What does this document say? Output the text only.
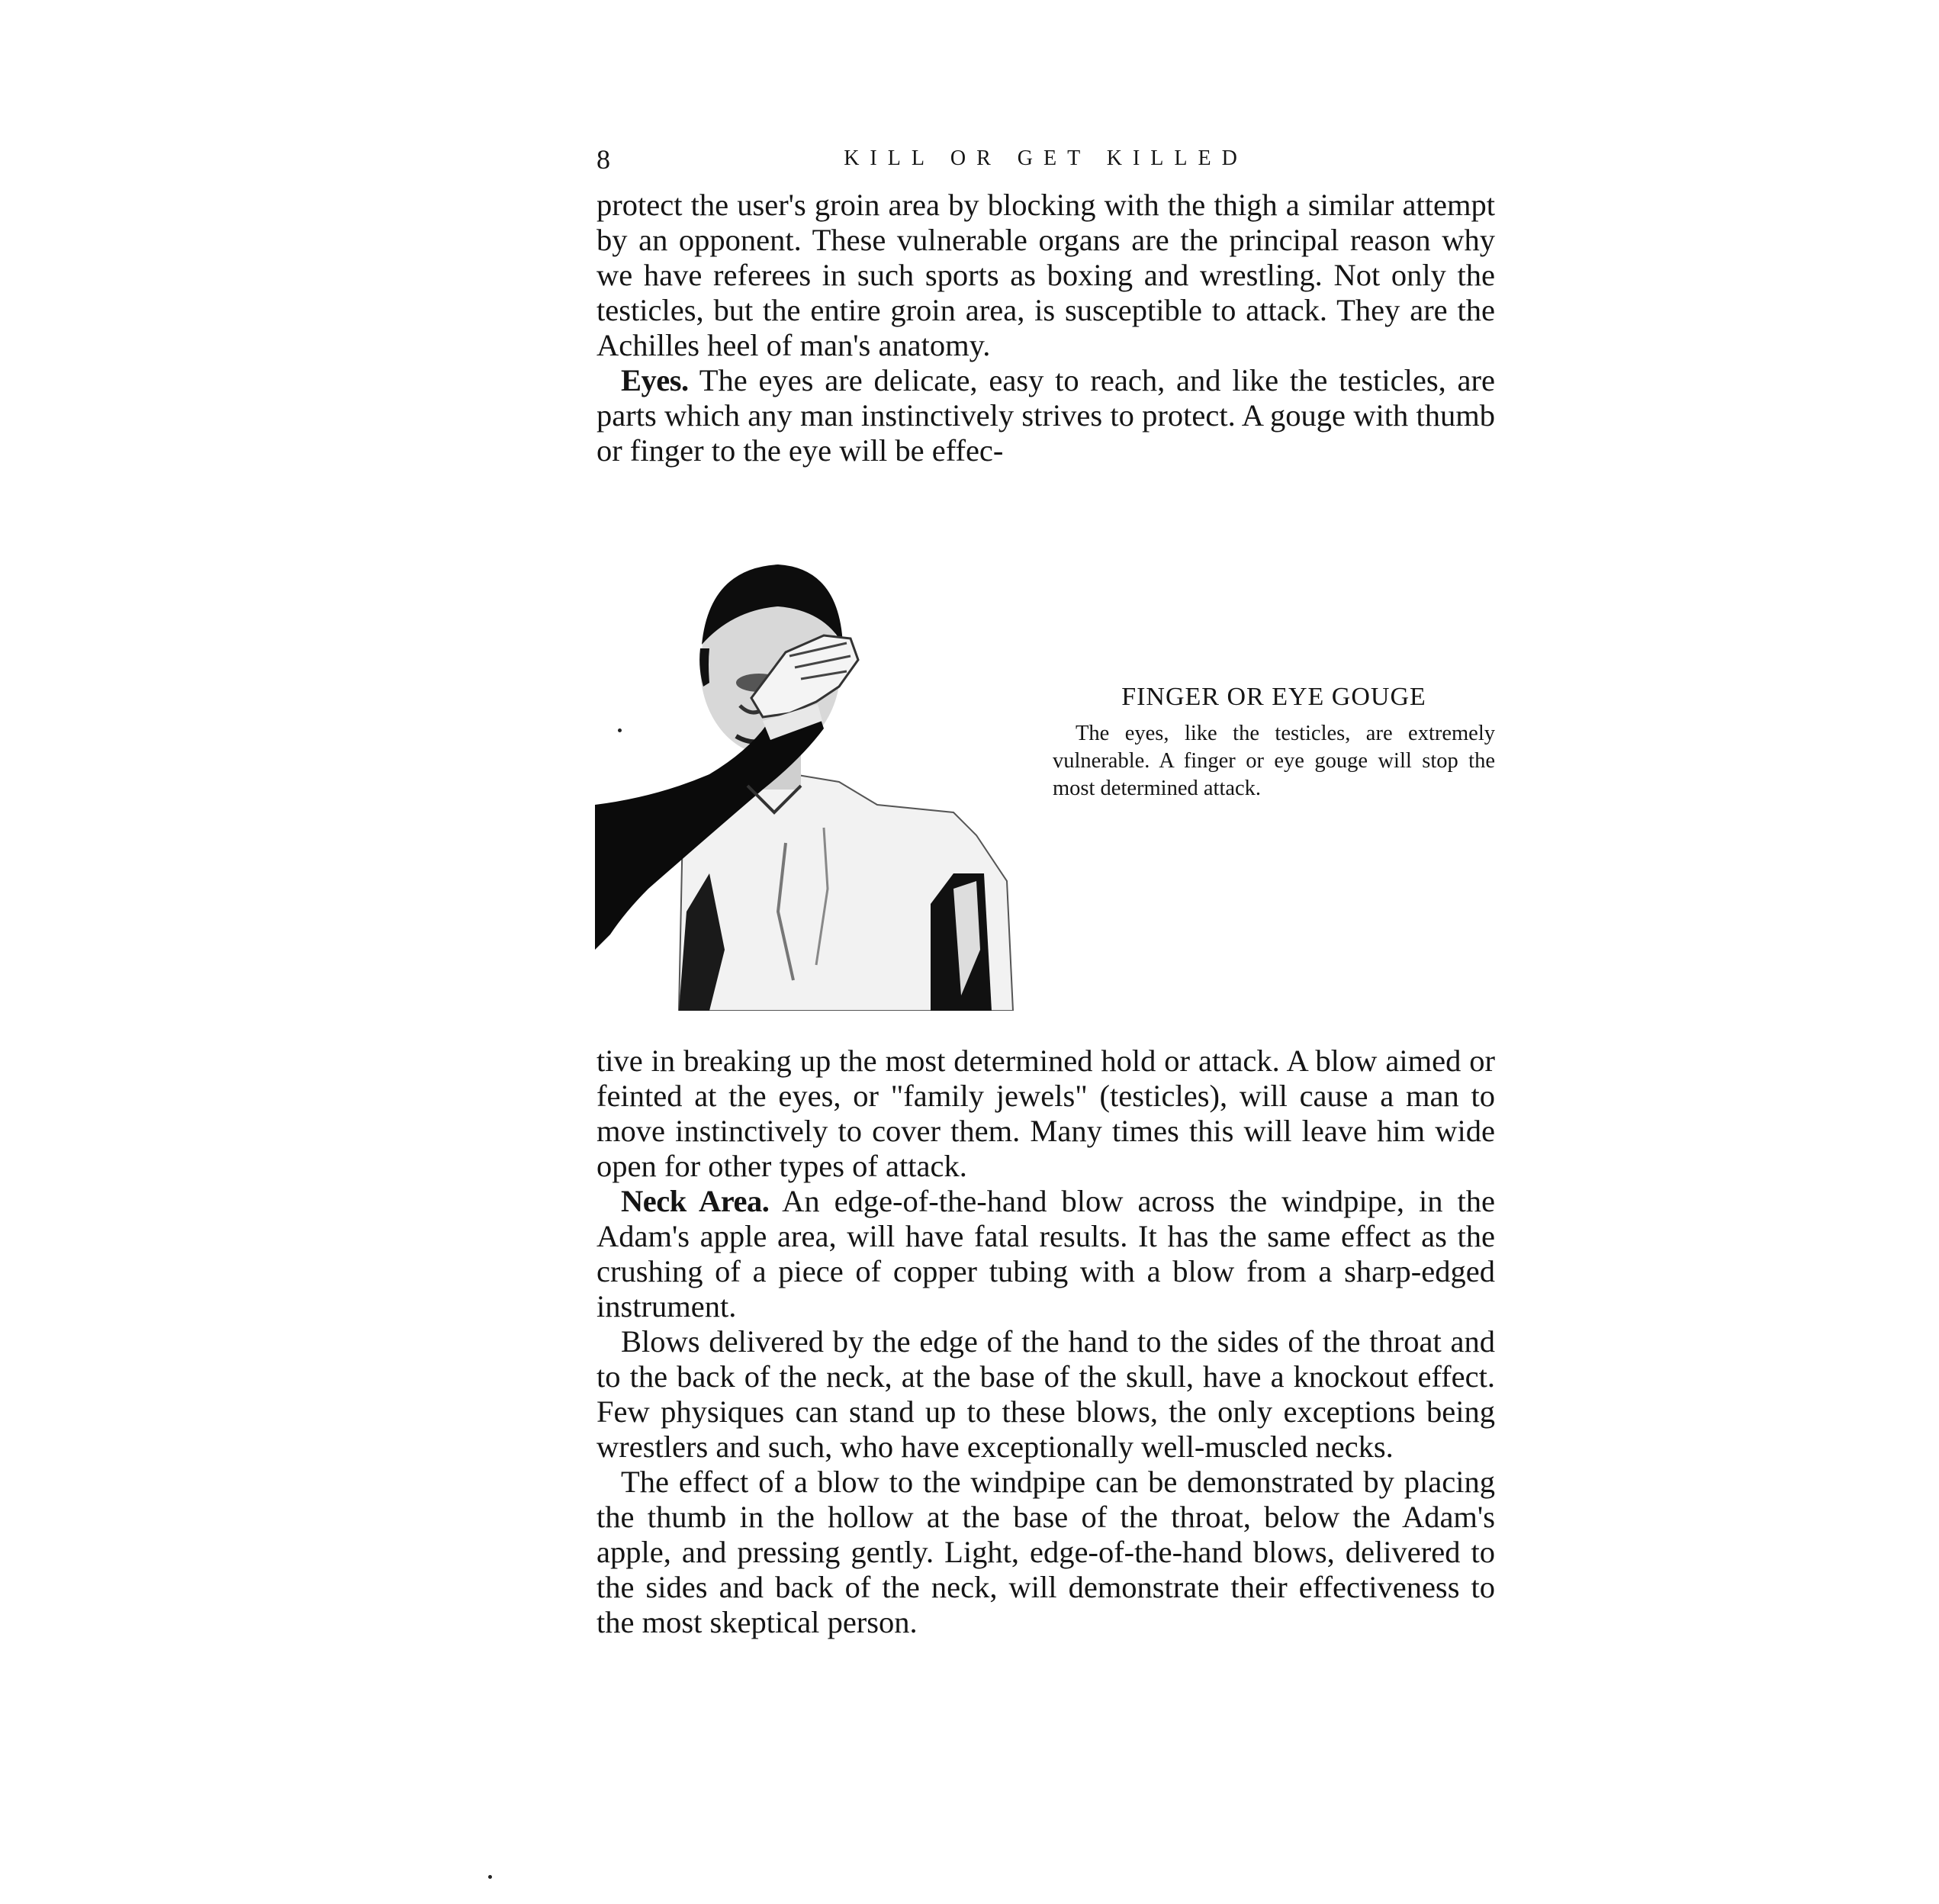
8	KILL OR GET KILLED

protect the user's groin area by blocking with the thigh a similar attempt by an opponent. These vulnerable organs are the principal reason why we have referees in such sports as boxing and wrestling. Not only the testicles, but the entire groin area, is susceptible to attack. They are the Achilles heel of man's anatomy.

Eyes. The eyes are delicate, easy to reach, and like the testicles, are parts which any man instinctively strives to protect. A gouge with thumb or finger to the eye will be effec-

FINGER OR EYE GOUGE

The eyes, like the testicles, are extremely vulnerable. A finger or eye gouge will stop the most determined attack.

tive in breaking up the most determined hold or attack. A blow aimed or feinted at the eyes, or "family jewels" (testicles), will cause a man to move instinctively to cover them. Many times this will leave him wide open for other types of attack.

Neck Area. An edge-of-the-hand blow across the windpipe, in the Adam's apple area, will have fatal results. It has the same effect as the crushing of a piece of copper tubing with a blow from a sharp-edged instrument.

Blows delivered by the edge of the hand to the sides of the throat and to the back of the neck, at the base of the skull, have a knockout effect. Few physiques can stand up to these blows, the only exceptions being wrestlers and such, who have exceptionally well-muscled necks.

The effect of a blow to the windpipe can be demonstrated by placing the thumb in the hollow at the base of the throat, below the Adam's apple, and pressing gently. Light, edge-of-the-hand blows, delivered to the sides and back of the neck, will demonstrate their effectiveness to the most skeptical person.
